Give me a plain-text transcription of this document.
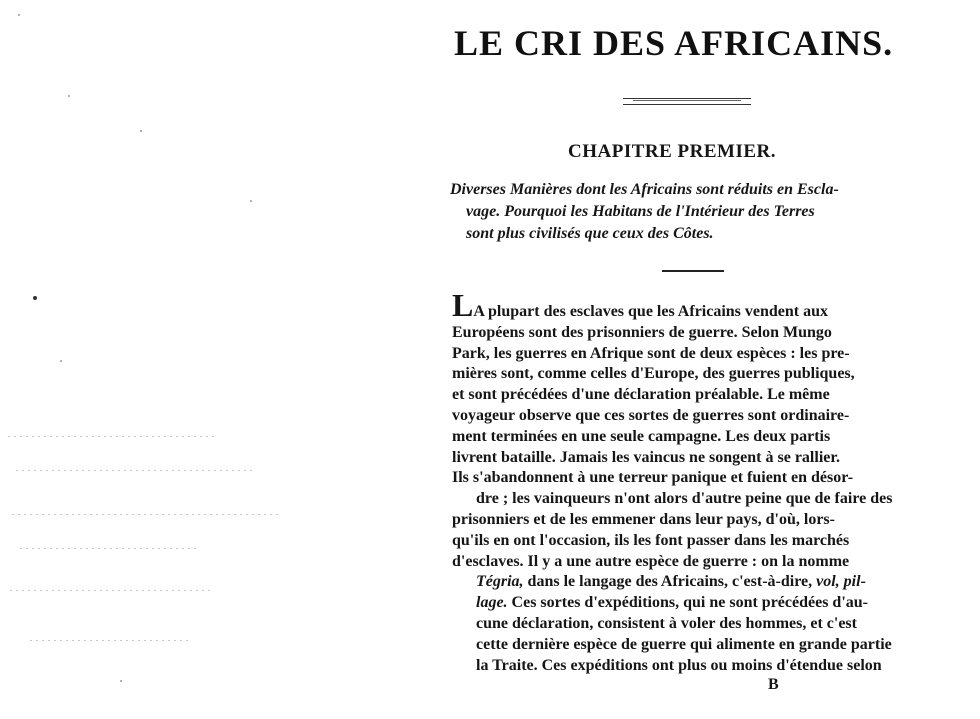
LE CRI DES AFRICAINS.
CHAPITRE PREMIER.
Diverses Manières dont les Africains sont réduits en Escla-
vage. Pourquoi les Habitans de l'Intérieur des Terres
sont plus civilisés que ceux des Côtes.
LA plupart des esclaves que les Africains vendent aux
Européens sont des prisonniers de guerre. Selon Mungo
Park, les guerres en Afrique sont de deux espèces : les pre-
mières sont, comme celles d'Europe, des guerres publiques,
et sont précédées d'une déclaration préalable. Le même
voyageur observe que ces sortes de guerres sont ordinaire-
ment terminées en une seule campagne. Les deux partis
livrent bataille. Jamais les vaincus ne songent à se rallier.
Ils s'abandonnent à une terreur panique et fuient en désor-
dre ; les vainqueurs n'ont alors d'autre peine que de faire des
prisonniers et de les emmener dans leur pays, d'où, lors-
qu'ils en ont l'occasion, ils les font passer dans les marchés
d'esclaves. Il y a une autre espèce de guerre : on la nomme
Tégria, dans le langage des Africains, c'est-à-dire, vol, pil-
lage. Ces sortes d'expéditions, qui ne sont précédées d'au-
cune déclaration, consistent à voler des hommes, et c'est
cette dernière espèce de guerre qui alimente en grande partie
la Traite. Ces expéditions ont plus ou moins d'étendue selon

B
